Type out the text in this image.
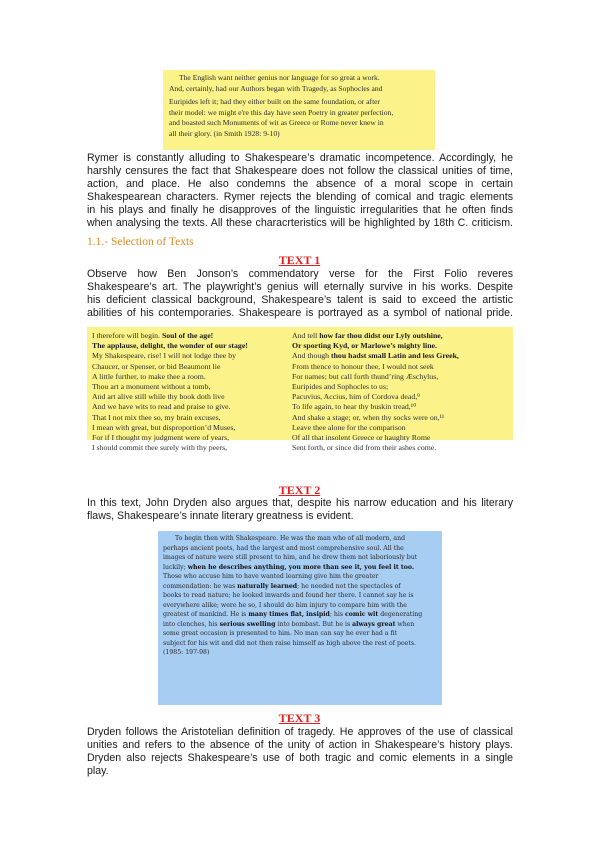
The English want neither genius nor language for so great a work.
And, certainly, had our Authors began with Tragedy, as Sophocles and

Euripides left it; had they either built on the same foundation, or after
their model: we might e're this day have seen Poetry in greater perfection,
and boasted such Monuments of wit as Greece or Rome never knew in
all their glory. (in Smith 1928: 9-10)

Rymer is constantly alluding to Shakespeare’s dramatic incompetence. Accordingly, he
harshly censures the fact that Shakespeare does not follow the classical unities of time,
action, and place. He also condemns the absence of a moral scope in certain
Shakespearean characters. Rymer rejects the blending of comical and tragic elements
in his plays and finally he disapproves of the linguistic irregularities that he often finds
when analysing the texts. All these characrteristics will be highlighted by 18th C. criticism.
1.1.- Selection of Texts
TEXT 1
Observe how Ben Jonson’s commendatory verse for the First Folio reveres
Shakespeare’s art. The playwright’s genius will eternally survive in his works. Despite
his deficient classical background, Shakespeare’s talent is said to exceed the artistic
abilities of his contemporaries. Shakespeare is portrayed as a symbol of national pride.
I therefore will begin. Soul of the age!
The applause, delight, the wonder of our stage!
My Shakespeare, rise! I will not lodge thee by
Chaucer, or Spenser, or bid Beaumont lie
A little further, to make thee a room.
Thou art a monument without a tomb,
And art alive still while thy book doth live
And we have wits to read and praise to give.
That I not mix thee so, my brain excuses,
I mean with great, but disproportion’d Muses,
For if I thought my judgment were of years,
I should commit thee surely with thy peers,
And tell how far thou didst our Lyly outshine,
Or sporting Kyd, or Marlowe’s mighty line.
And though thou hadst small Latin and less Greek,
From thence to honour thee, I would not seek
For names; but call forth thund’ring Æschylus,
Euripides and Sophocles to us;
Pacuvius, Accius, him of Cordova dead,⁹
To life again, to hear thy buskin tread,¹⁰
And shake a stage; or, when thy socks were on,¹¹
Leave thee alone for the comparison
Of all that insolent Greece or haughty Rome
Sent forth, or since did from their ashes come.
TEXT 2
In this text, John Dryden also argues that, despite his narrow education and his literary
flaws, Shakespeare’s innate literary greatness is evident.
To begin then with Shakespeare. He was the man who of all modern, and
perhaps ancient poets, had the largest and most comprehensive soul. All the
images of nature were still present to him, and he drew them not laboriously but
luckily; when he describes anything, you more than see it, you feel it too.
Those who accuse him to have wanted learning give him the greater
commendation: he was naturally learned; he needed not the spectacles of
books to read nature; he looked inwards and found her there. I cannot say he is
everywhere alike; were he so, I should do him injury to compare him with the
greatest of mankind. He is many times flat, insipid; his comic wit degenerating
into clenches, his serious swelling into bombast. But he is always great when
some great occasion is presented to him. No man can say he ever had a fit
subject for his wit and did not then raise himself as high above the rest of poets.
(1985: 197-98)
TEXT 3
Dryden follows the Aristotelian definition of tragedy. He approves of the use of classical
unities and refers to the absence of the unity of action in Shakespeare’s history plays.
Dryden also rejects Shakespeare’s use of both tragic and comic elements in a single
play.
